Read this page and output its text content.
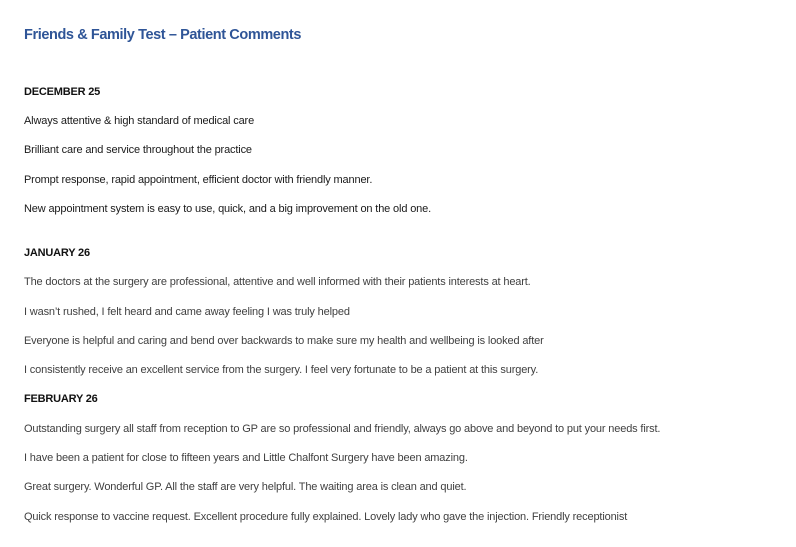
Friends & Family Test – Patient Comments
DECEMBER 25
Always attentive & high standard of medical care
Brilliant care and service throughout the practice
Prompt response, rapid appointment, efficient doctor with friendly manner.
New appointment system is easy to use, quick, and a big improvement on the old one.
JANUARY 26
The doctors at the surgery are professional, attentive and well informed with their patients interests at heart.
I wasn’t rushed, I felt heard and came away feeling I was truly helped
Everyone is helpful and caring and bend over backwards to make sure my health and wellbeing is looked after
I consistently receive an excellent service from the surgery. I feel very fortunate to be a patient at this surgery.
FEBRUARY 26
Outstanding surgery all staff from reception to GP are so professional and friendly, always go above and beyond to put your needs first.
I have been a patient for close to fifteen years and Little Chalfont Surgery have been amazing.
Great surgery. Wonderful GP. All the staff are very helpful. The waiting area is clean and quiet.
Quick response to vaccine request. Excellent procedure fully explained. Lovely lady who gave the injection. Friendly receptionist
